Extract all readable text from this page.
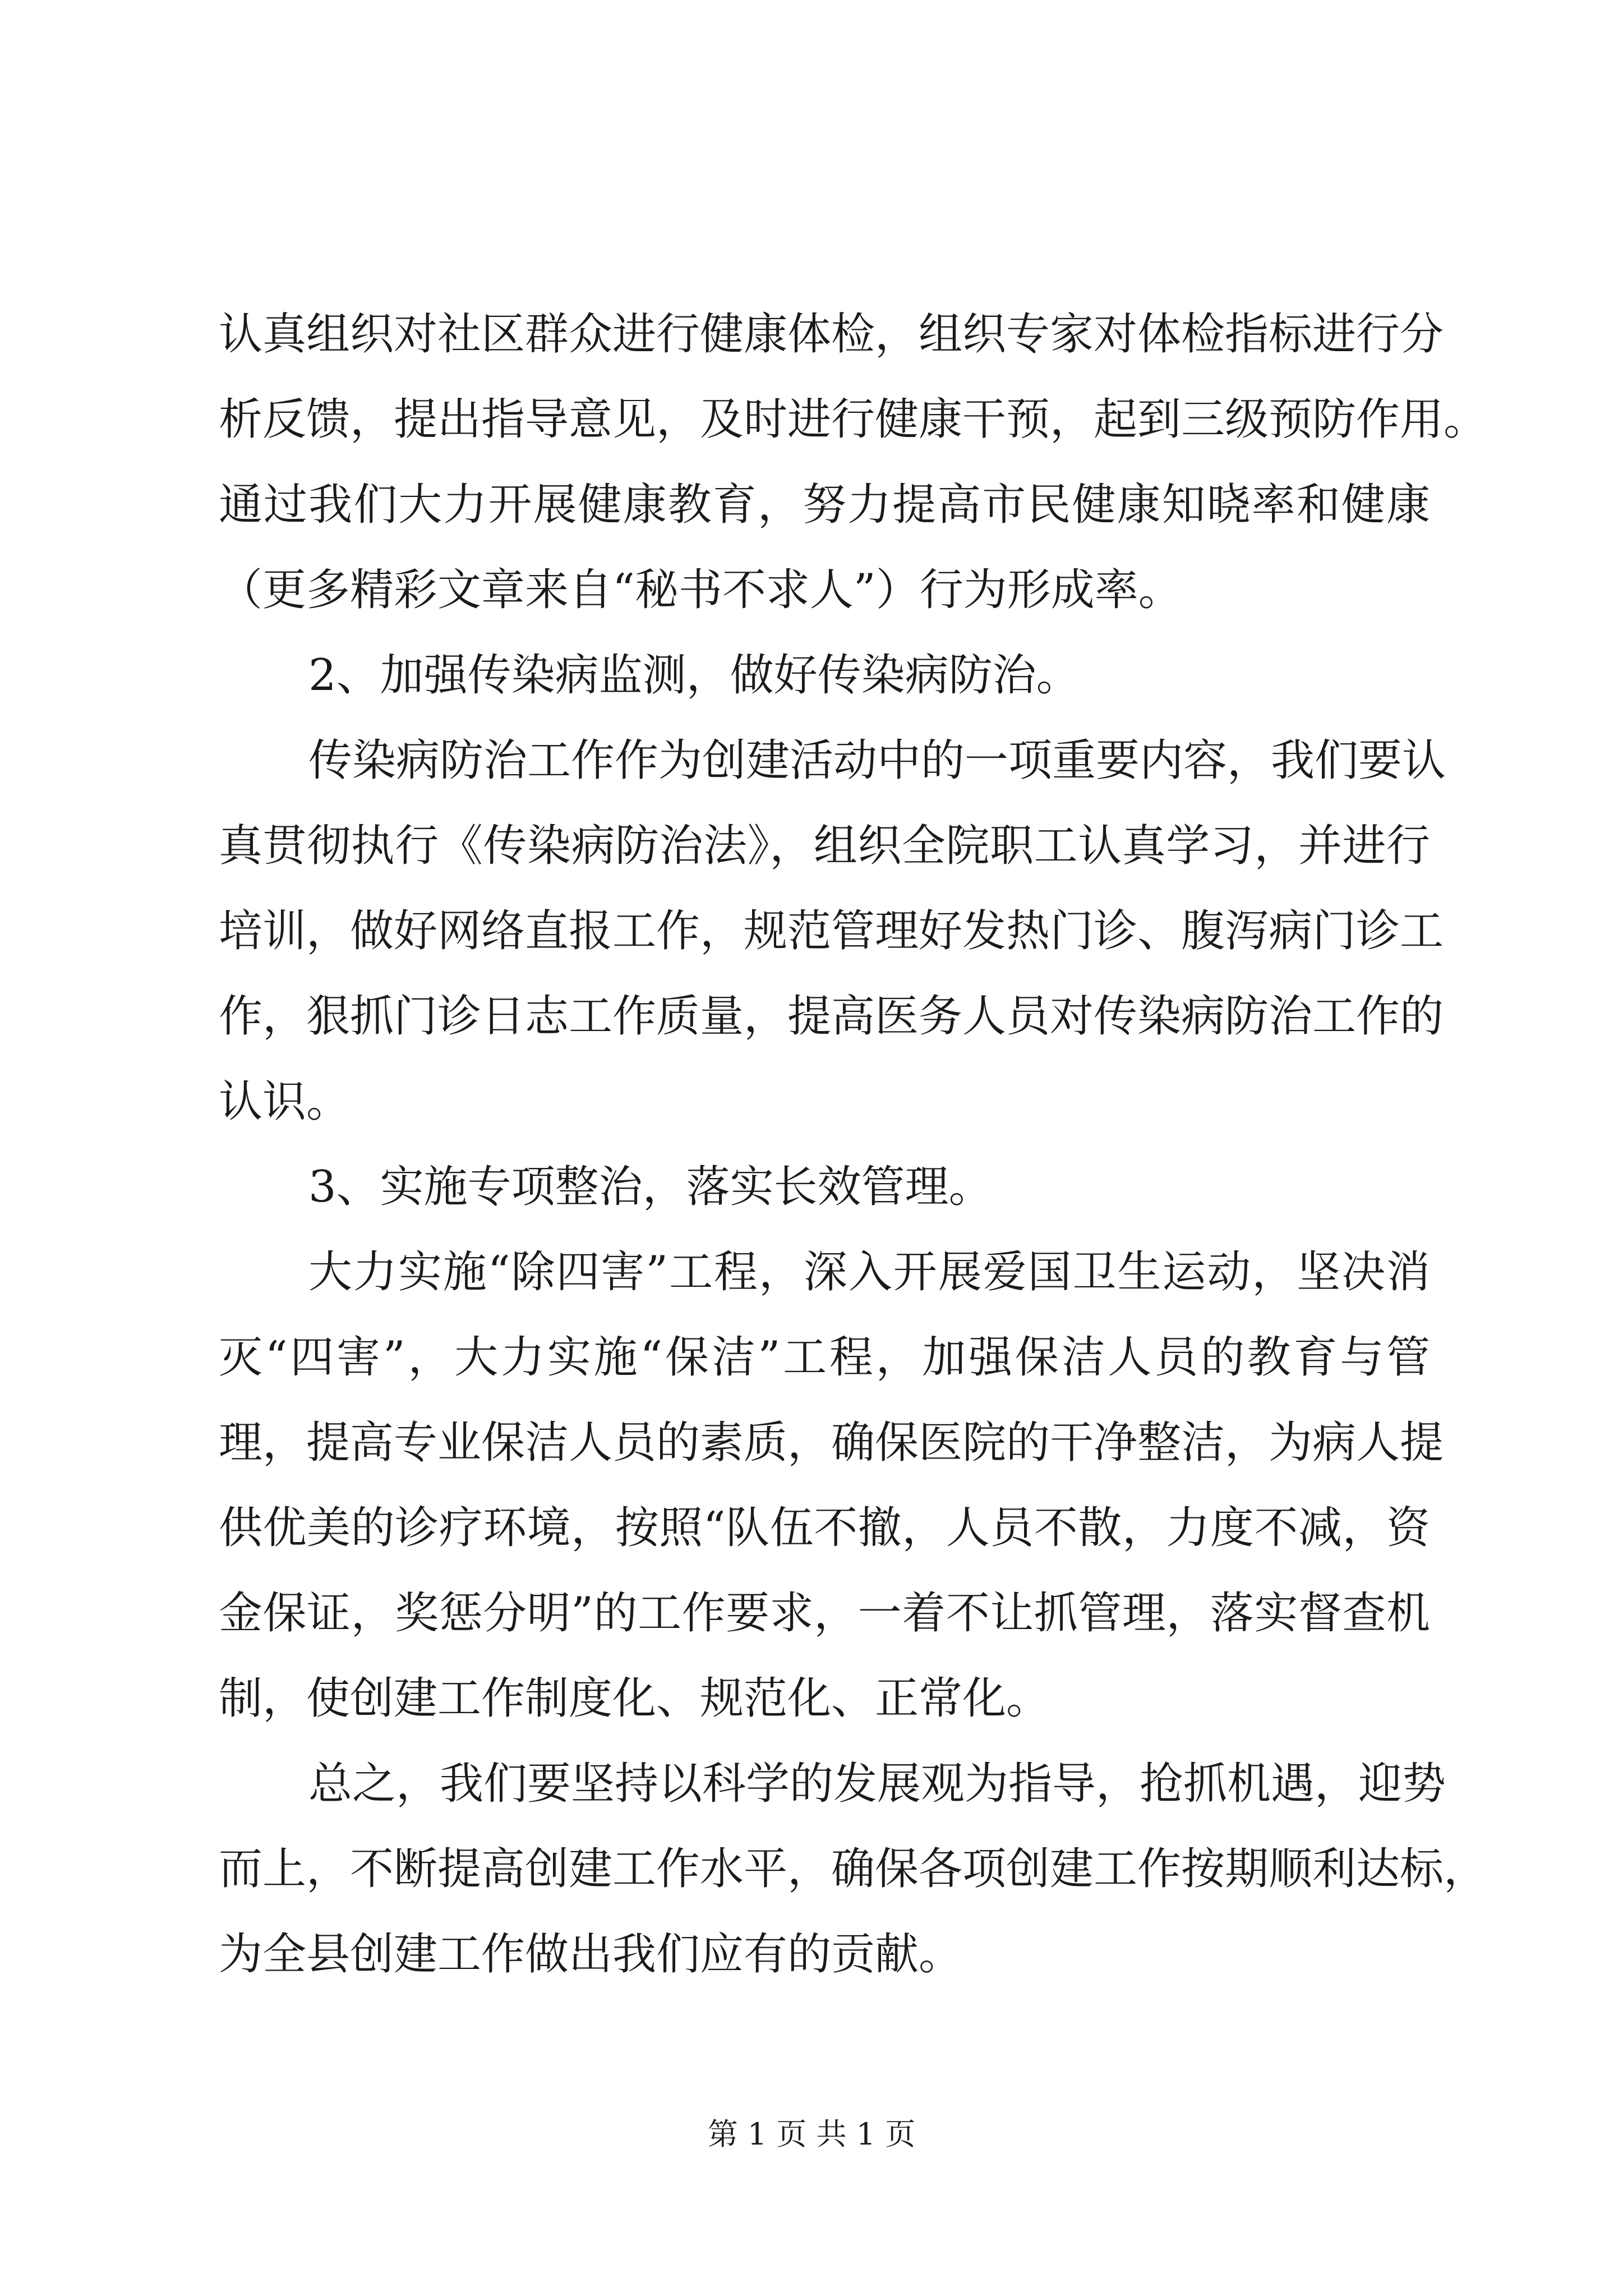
认真组织对社区群众进行健康体检，组织专家对体检指标进行分
析反馈，提出指导意见，及时进行健康干预，起到三级预防作用。
通过我们大力开展健康教育，努力提高市民健康知晓率和健康
（更多精彩文章来自“秘书不求人”）行为形成率。
2、加强传染病监测，做好传染病防治。
传染病防治工作作为创建活动中的一项重要内容，我们要认
真贯彻执行《传染病防治法》，组织全院职工认真学习，并进行
培训，做好网络直报工作，规范管理好发热门诊、腹泻病门诊工
作，狠抓门诊日志工作质量，提高医务人员对传染病防治工作的
认识。
3、实施专项整治，落实长效管理。
大力实施“除四害”工程，深入开展爱国卫生运动，坚决消
灭“四害”，大力实施“保洁”工程，加强保洁人员的教育与管
理，提高专业保洁人员的素质，确保医院的干净整洁，为病人提
供优美的诊疗环境，按照“队伍不撤，人员不散，力度不减，资
金保证，奖惩分明”的工作要求，一着不让抓管理，落实督查机
制，使创建工作制度化、规范化、正常化。
总之，我们要坚持以科学的发展观为指导，抢抓机遇，迎势
而上，不断提高创建工作水平，确保各项创建工作按期顺利达标，
为全县创建工作做出我们应有的贡献。
第 1 页 共 1 页
